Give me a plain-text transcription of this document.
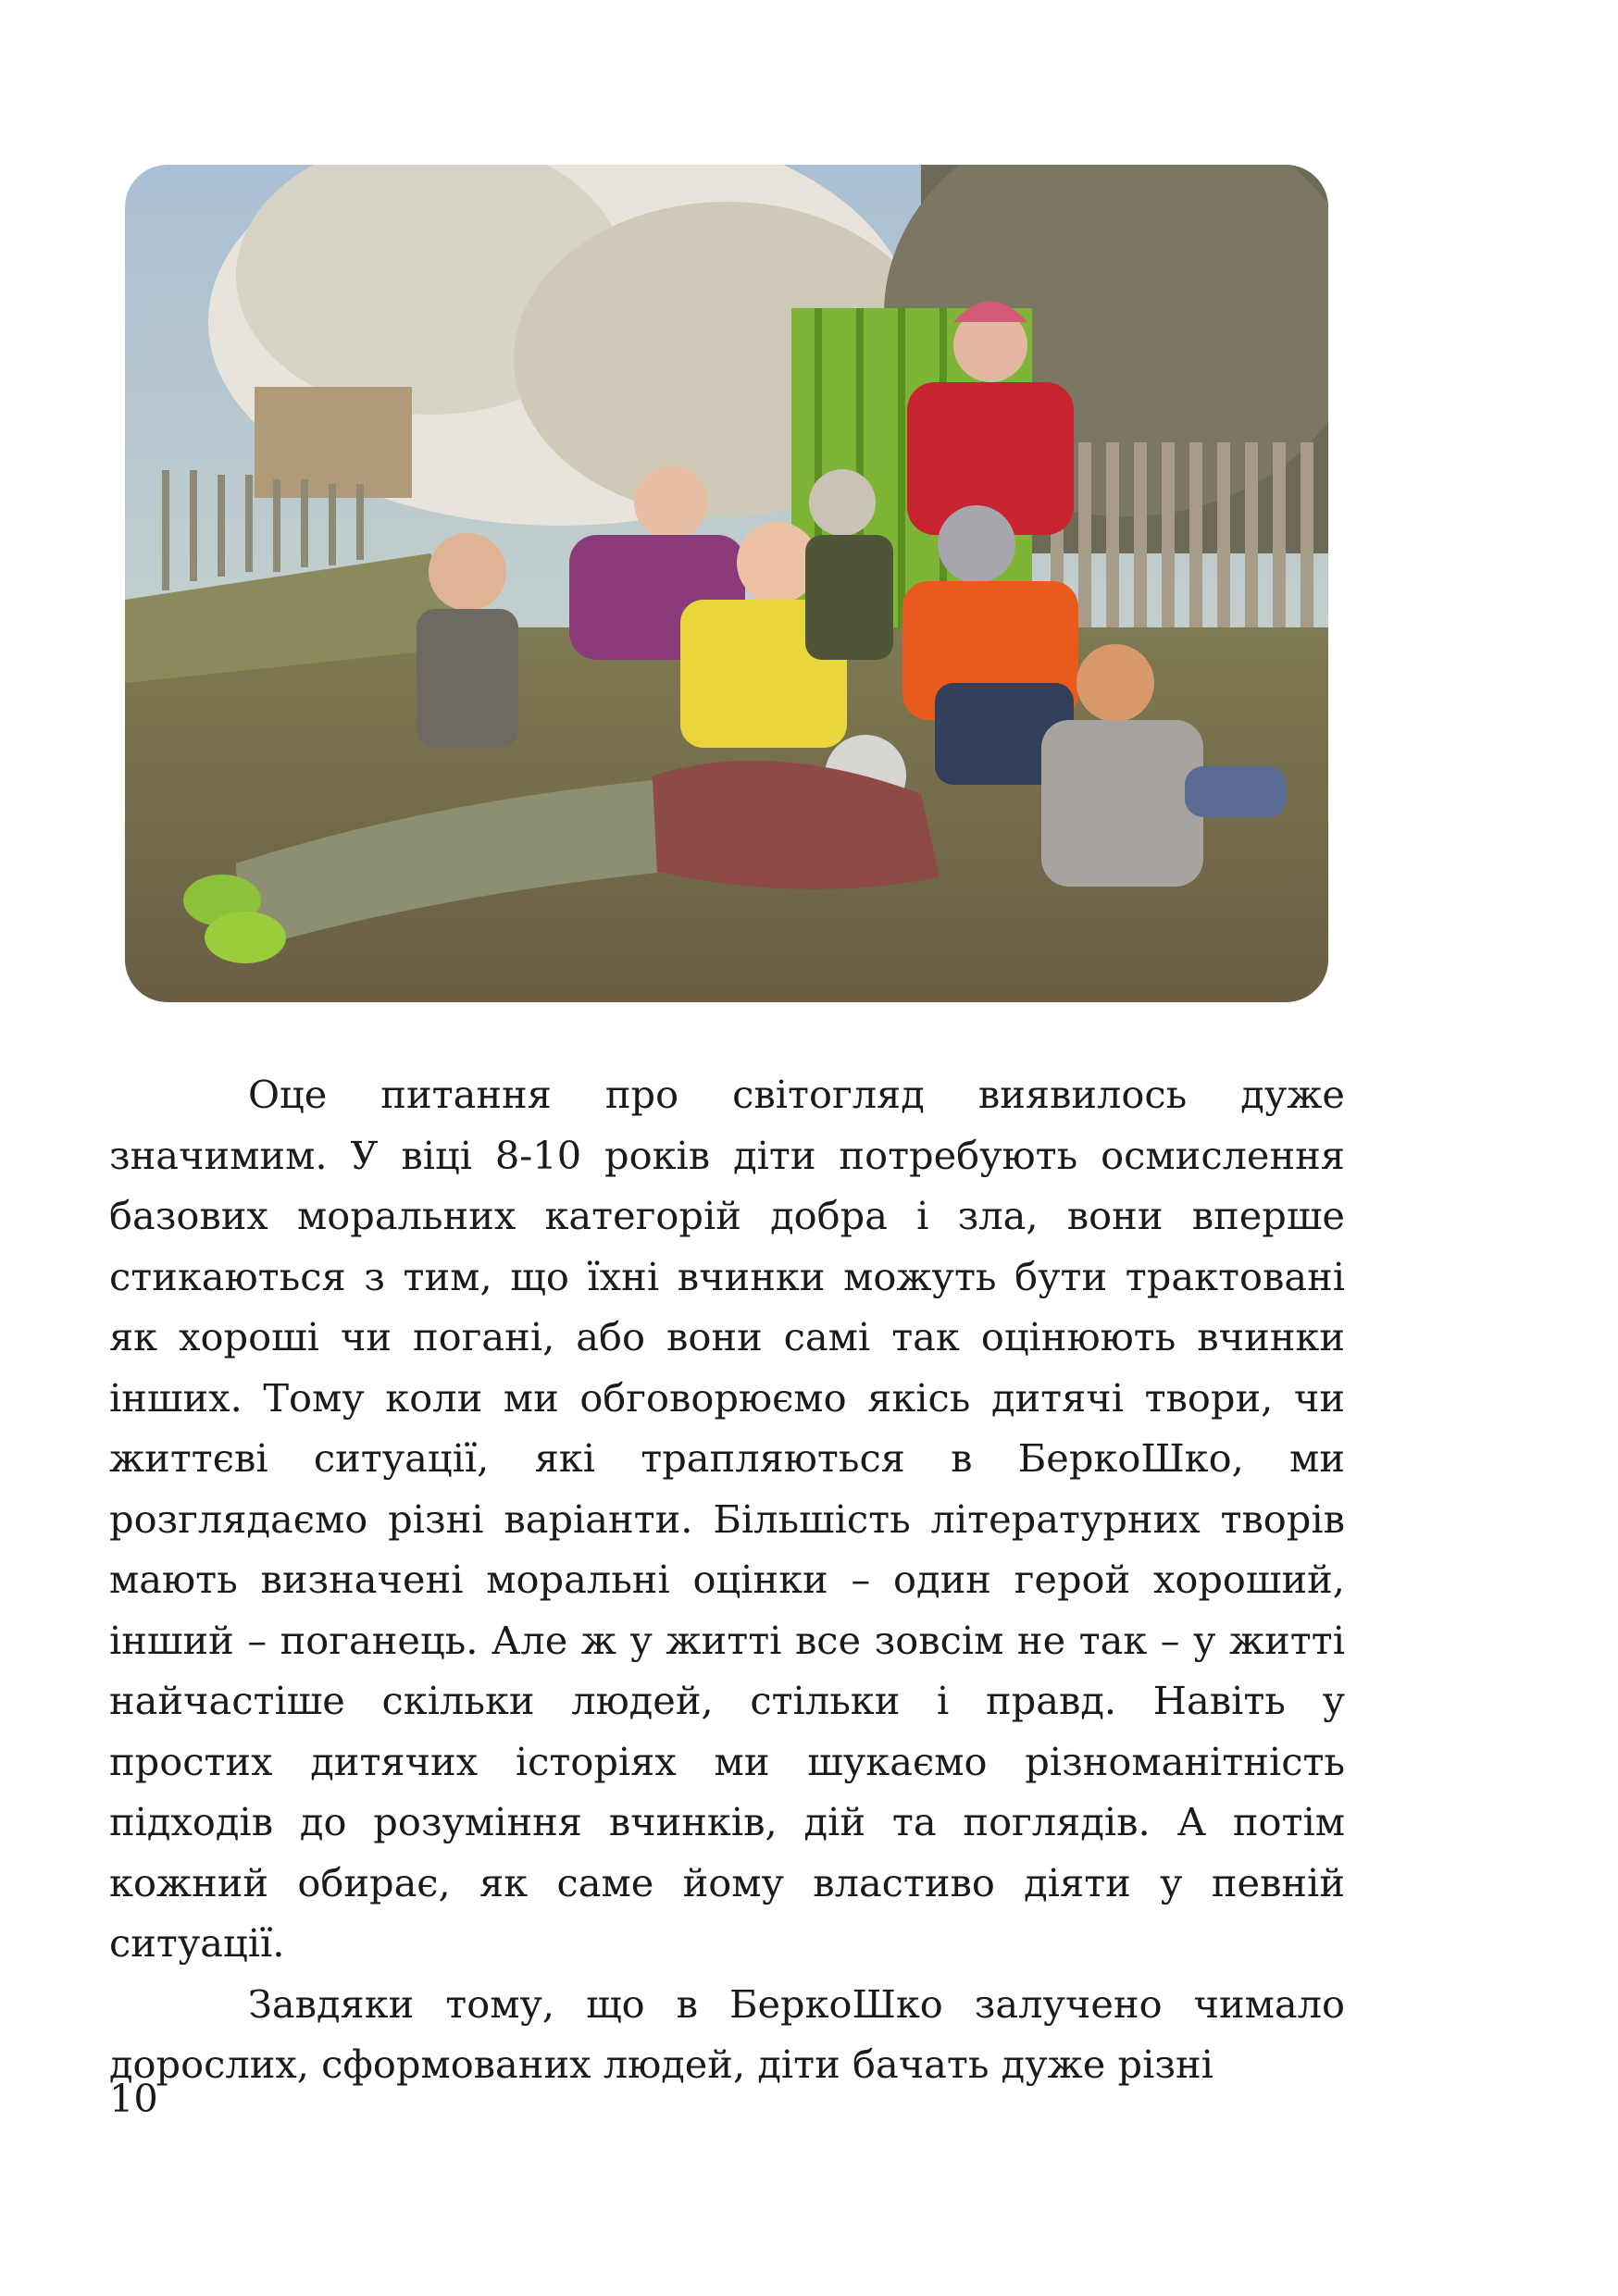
Оце питання про світогляд виявилось дуже значимим. У віці 8-10 років діти потребують осмислення базових моральних категорій добра і зла, вони вперше стикаються з тим, що їхні вчинки можуть бути трактовані як хороші чи погані, або вони самі так оцінюють вчинки інших. Тому коли ми обговорюємо якісь дитячі твори, чи життєві ситуації, які трапляються в БеркоШко, ми розглядаємо різні варіанти. Більшість літературних творів мають визначені моральні оцінки – один герой хороший, інший – поганець. Але ж у житті все зовсім не так – у житті найчастіше скільки людей, стільки і правд. Навіть у простих дитячих історіях ми шукаємо різноманітність підходів до розуміння вчинків, дій та поглядів. А потім кожний обирає, як саме йому властиво діяти у певній ситуації.

Завдяки тому, що в БеркоШко залучено чимало дорослих, сформованих людей, діти бачать дуже різні

10
